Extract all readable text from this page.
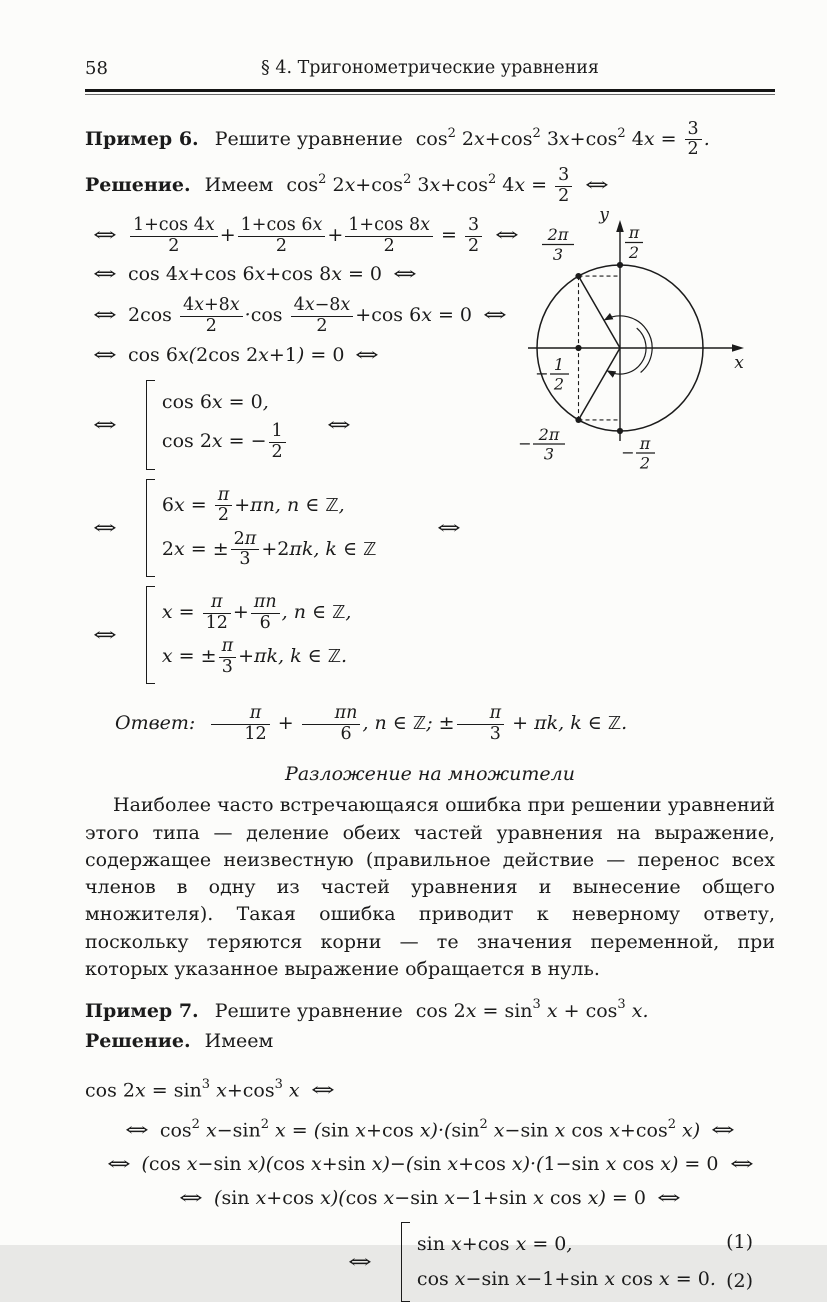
58	§ 4. Тригонометрические уравнения
Пример 6. Решите уравнение $\cos^2 2x+\cos^2$ $3x+\cos^2$ $4x = \frac{3}{2}$ .
Решение. Имеем $\cos^2 2x+\cos^2$ $3x+\cos^2$ $4x = \frac{3}{2}$ ⇔
⇔ $\frac{1+\cos 4x}{2} + \frac{1+\cos 6x}{2} + \frac{1+\cos 8x}{2} = \frac{3}{2}$ ⇔
⇔ cos 4x+cos 6x+cos 8x = 0 ⇔
⇔ $2\cos \frac{4x+8x}{2} \cdot\cos \frac{4x-8x}{2} +\cos$ 6x = 0 ⇔
⇔ cos 6x(2cos 2x+1) = 0 ⇔
⇔
cos 6x = 0,
cos 2x = − $\frac{1}{2}$ ⇔
⇔
$6x = \frac{\pi}{2} +\pi n$, n ∈ ℤ,
2x = ± $\frac{2\pi}{3} +2\pi k$, k ∈ ℤ
⇔
⇔
$x = \frac{\pi}{12} + \frac{\pi n}{6}$ , n ∈ ℤ,
x = ± $\frac{\pi}{3} +\pi k$, k ∈ ℤ.
Ответ: $\frac{\pi}{12} + \frac{\pi n}{6}$ , n ∈ ℤ; ± $\frac{\pi}{3} + \pi k$, k ∈ ℤ.
Разложение на множители
Наиболее часто встречающаяся ошибка при решении уравнений этого типа — деление обеих частей уравнения на выражение, содержащее неизвестную (правильное действие — перенос всех членов в одну из частей уравнения и вынесение общего множителя). Такая ошибка приводит к неверному ответу, поскольку теряются корни — те значения переменной, при которых указанное выражение обращается в нуль.
Пример 7. Решите уравнение $\cos 2x = \sin^3 x + \cos^3 x$.
Решение. Имеем
$\cos 2x = \sin^3 x+\cos^3$ x ⇔
⇔ $\cos^2 x-\sin^2$ x = (sin x+cos $x)\cdot(\sin^2$ x−sin x $\cos x+\cos^2$ x) ⇔
⇔ (cos x−sin x)(cos x+sin x)−(sin x+cos x)·(1−sin x cos x) = 0 ⇔
⇔ (sin x+cos x)(cos x−sin x−1+sin x cos x) = 0 ⇔
⇔
sin x+cos x = 0,
cos x−sin x−1+sin x cos x = 0.
(1)
(2)
y
x
π
2
2π
3
− 1
2
− 2π
3	− π
2
